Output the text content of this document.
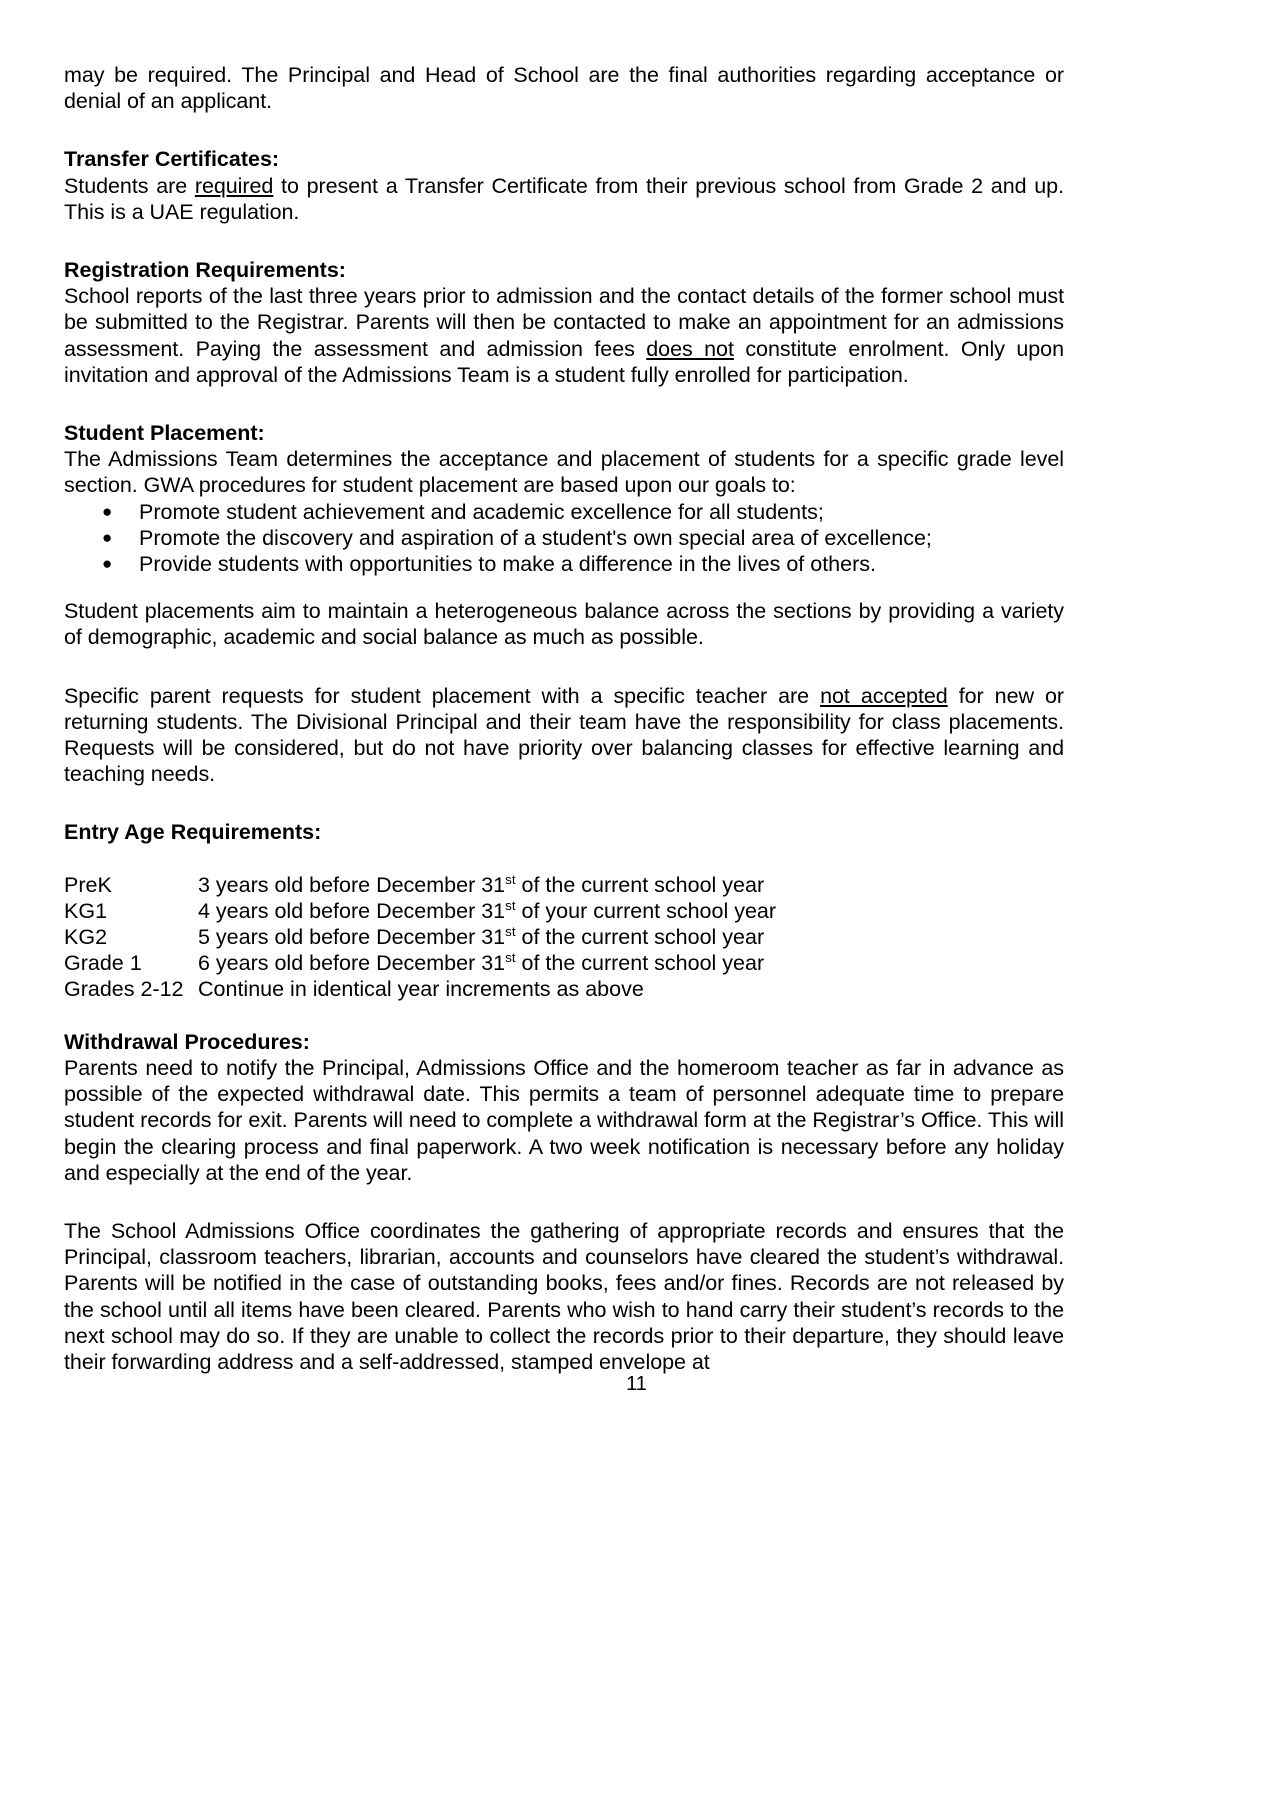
may be required. The Principal and Head of School are the final authorities regarding acceptance or denial of an applicant.

Transfer Certificates:

Students are required to present a Transfer Certificate from their previous school from Grade 2 and up. This is a UAE regulation.

Registration Requirements:

School reports of the last three years prior to admission and the contact details of the former school must be submitted to the Registrar. Parents will then be contacted to make an appointment for an admissions assessment. Paying the assessment and admission fees does not constitute enrolment. Only upon invitation and approval of the Admissions Team is a student fully enrolled for participation.

Student Placement:

The Admissions Team determines the acceptance and placement of students for a specific grade level section. GWA procedures for student placement are based upon our goals to:

● Promote student achievement and academic excellence for all students;
● Promote the discovery and aspiration of a student's own special area of excellence;
● Provide students with opportunities to make a difference in the lives of others.

Student placements aim to maintain a heterogeneous balance across the sections by providing a variety of demographic, academic and social balance as much as possible.

Specific parent requests for student placement with a specific teacher are not accepted for new or returning students. The Divisional Principal and their team have the responsibility for class placements. Requests will be considered, but do not have priority over balancing classes for effective learning and teaching needs.

Entry Age Requirements:
PreK	3 years old before December 31st of the current school year
KG1	4 years old before December 31st of your current school year
KG2	5 years old before December 31st of the current school year
Grade 1	6 years old before December 31st of the current school year
Grades 2-12	Continue in identical year increments as above
Withdrawal Procedures:

Parents need to notify the Principal, Admissions Office and the homeroom teacher as far in advance as possible of the expected withdrawal date. This permits a team of personnel adequate time to prepare student records for exit. Parents will need to complete a withdrawal form at the Registrar’s Office. This will begin the clearing process and final paperwork. A two week notification is necessary before any holiday and especially at the end of the year.

The School Admissions Office coordinates the gathering of appropriate records and ensures that the Principal, classroom teachers, librarian, accounts and counselors have cleared the student’s withdrawal. Parents will be notified in the case of outstanding books, fees and/or fines. Records are not released by the school until all items have been cleared. Parents who wish to hand carry their student’s records to the next school may do so. If they are unable to collect the records prior to their departure, they should leave their forwarding address and a self-addressed, stamped envelope at

11
